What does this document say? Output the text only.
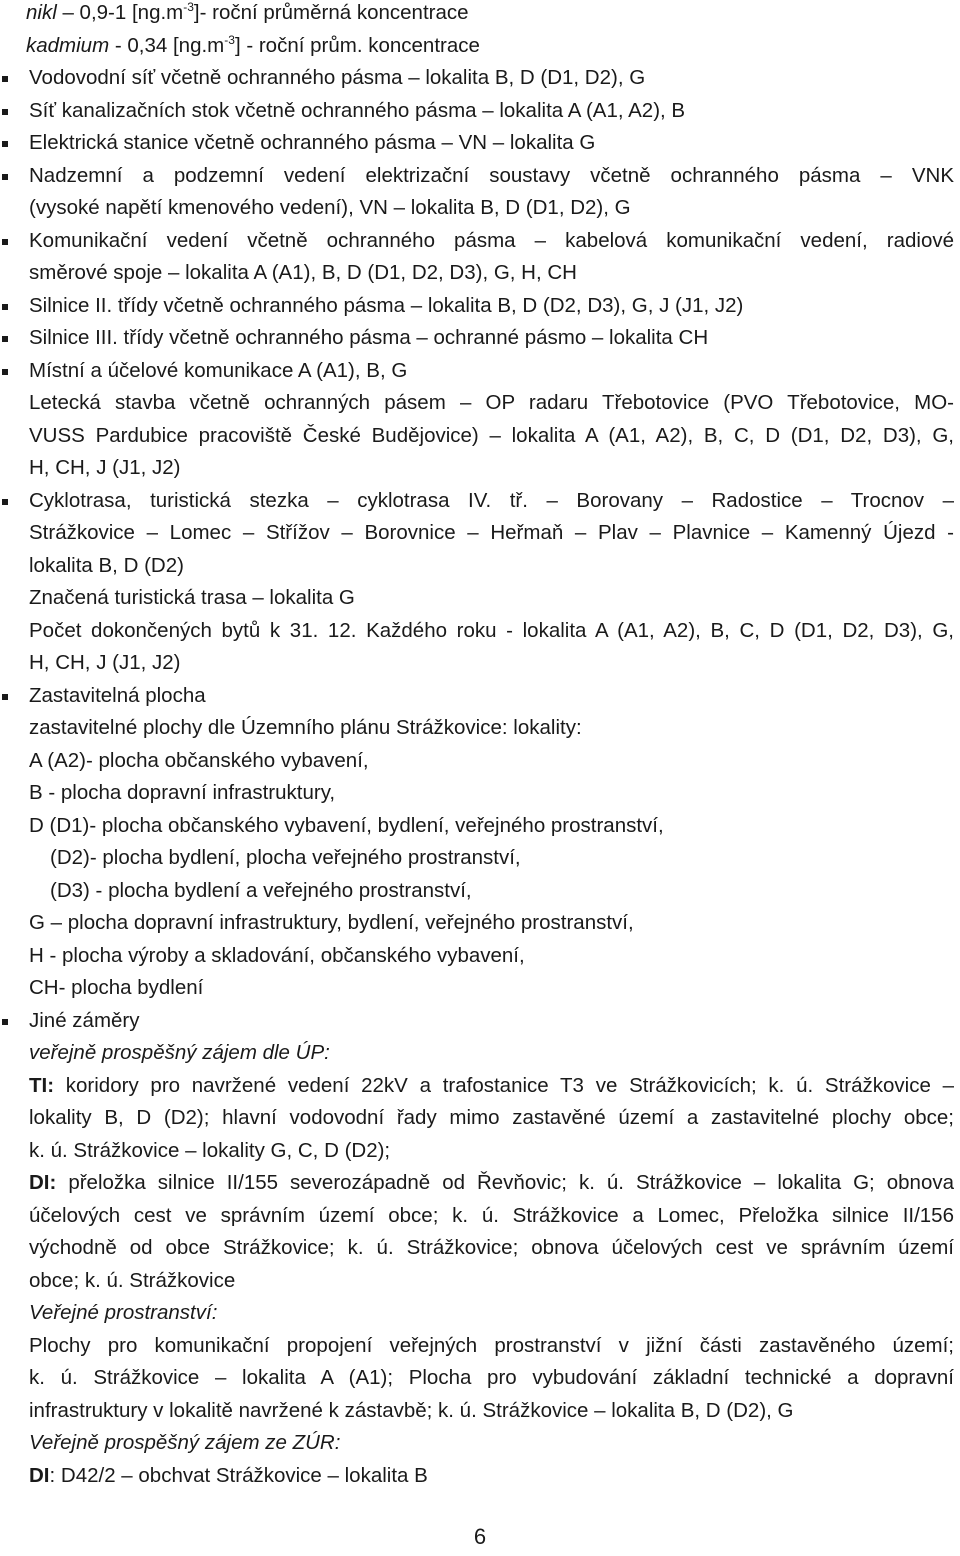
nikl – 0,9-1 $[ng.m^{-3}]-$ roční průměrná koncentrace
kadmium - 0,34 $[ng.m^{-3}]$ - roční prům. koncentrace
Vodovodní síť včetně ochranného pásma – lokalita B, D (D1, D2), G
Síť kanalizačních stok včetně ochranného pásma – lokalita A (A1, A2), B
Elektrická stanice včetně ochranného pásma – VN – lokalita G
Nadzemní a podzemní vedení elektrizační soustavy včetně ochranného pásma – VNK
(vysoké napětí kmenového vedení), VN – lokalita B, D (D1, D2), G
Komunikační vedení včetně ochranného pásma – kabelová komunikační vedení, radiové
směrové spoje – lokalita A (A1), B, D (D1, D2, D3), G, H, CH
Silnice II. třídy včetně ochranného pásma – lokalita B, D (D2, D3), G, J (J1, J2)
Silnice III. třídy včetně ochranného pásma – ochranné pásmo – lokalita CH
Místní a účelové komunikace A (A1), B, G
Letecká stavba včetně ochranných pásem – OP radaru Třebotovice (PVO Třebotovice, MO-
VUSS Pardubice pracoviště České Budějovice) – lokalita A (A1, A2), B, C, D (D1, D2, D3), G,
H, CH, J (J1, J2)
Cyklotrasa, turistická stezka – cyklotrasa IV. tř. – Borovany – Radostice – Trocnov –
Strážkovice – Lomec – Střížov – Borovnice – Heřmaň – Plav – Plavnice – Kamenný Újezd -
lokalita B, D (D2)
Značená turistická trasa – lokalita G
Počet dokončených bytů k 31. 12. Každého roku - lokalita A (A1, A2), B, C, D (D1, D2, D3), G,
H, CH, J (J1, J2)
Zastavitelná plocha
zastavitelné plochy dle Územního plánu Strážkovice: lokality:
A (A2)- plocha občanského vybavení,
B - plocha dopravní infrastruktury,
D (D1)- plocha občanského vybavení, bydlení, veřejného prostranství,
(D2)- plocha bydlení, plocha veřejného prostranství,
(D3) - plocha bydlení a veřejného prostranství,
G – plocha dopravní infrastruktury, bydlení, veřejného prostranství,
H - plocha výroby a skladování, občanského vybavení,
CH- plocha bydlení
Jiné záměry
veřejně prospěšný zájem dle ÚP:
TI: koridory pro navržené vedení 22kV a trafostanice T3 ve Strážkovicích; k. ú. Strážkovice –
lokality B, D (D2); hlavní vodovodní řady mimo zastavěné území a zastavitelné plochy obce;
k. ú. Strážkovice – lokality G, C, D (D2);
DI: přeložka silnice II/155 severozápadně od Řevňovic; k. ú. Strážkovice – lokalita G; obnova
účelových cest ve správním území obce; k. ú. Strážkovice a Lomec, Přeložka silnice II/156
východně od obce Strážkovice; k. ú. Strážkovice; obnova účelových cest ve správním území
obce; k. ú. Strážkovice
Veřejné prostranství:
Plochy pro komunikační propojení veřejných prostranství v jižní části zastavěného území;
k. ú. Strážkovice – lokalita A (A1); Plocha pro vybudování základní technické a dopravní
infrastruktury v lokalitě navržené k zástavbě; k. ú. Strážkovice – lokalita B, D (D2), G
Veřejně prospěšný zájem ze ZÚR:
DI: D42/2 – obchvat Strážkovice – lokalita B
6
